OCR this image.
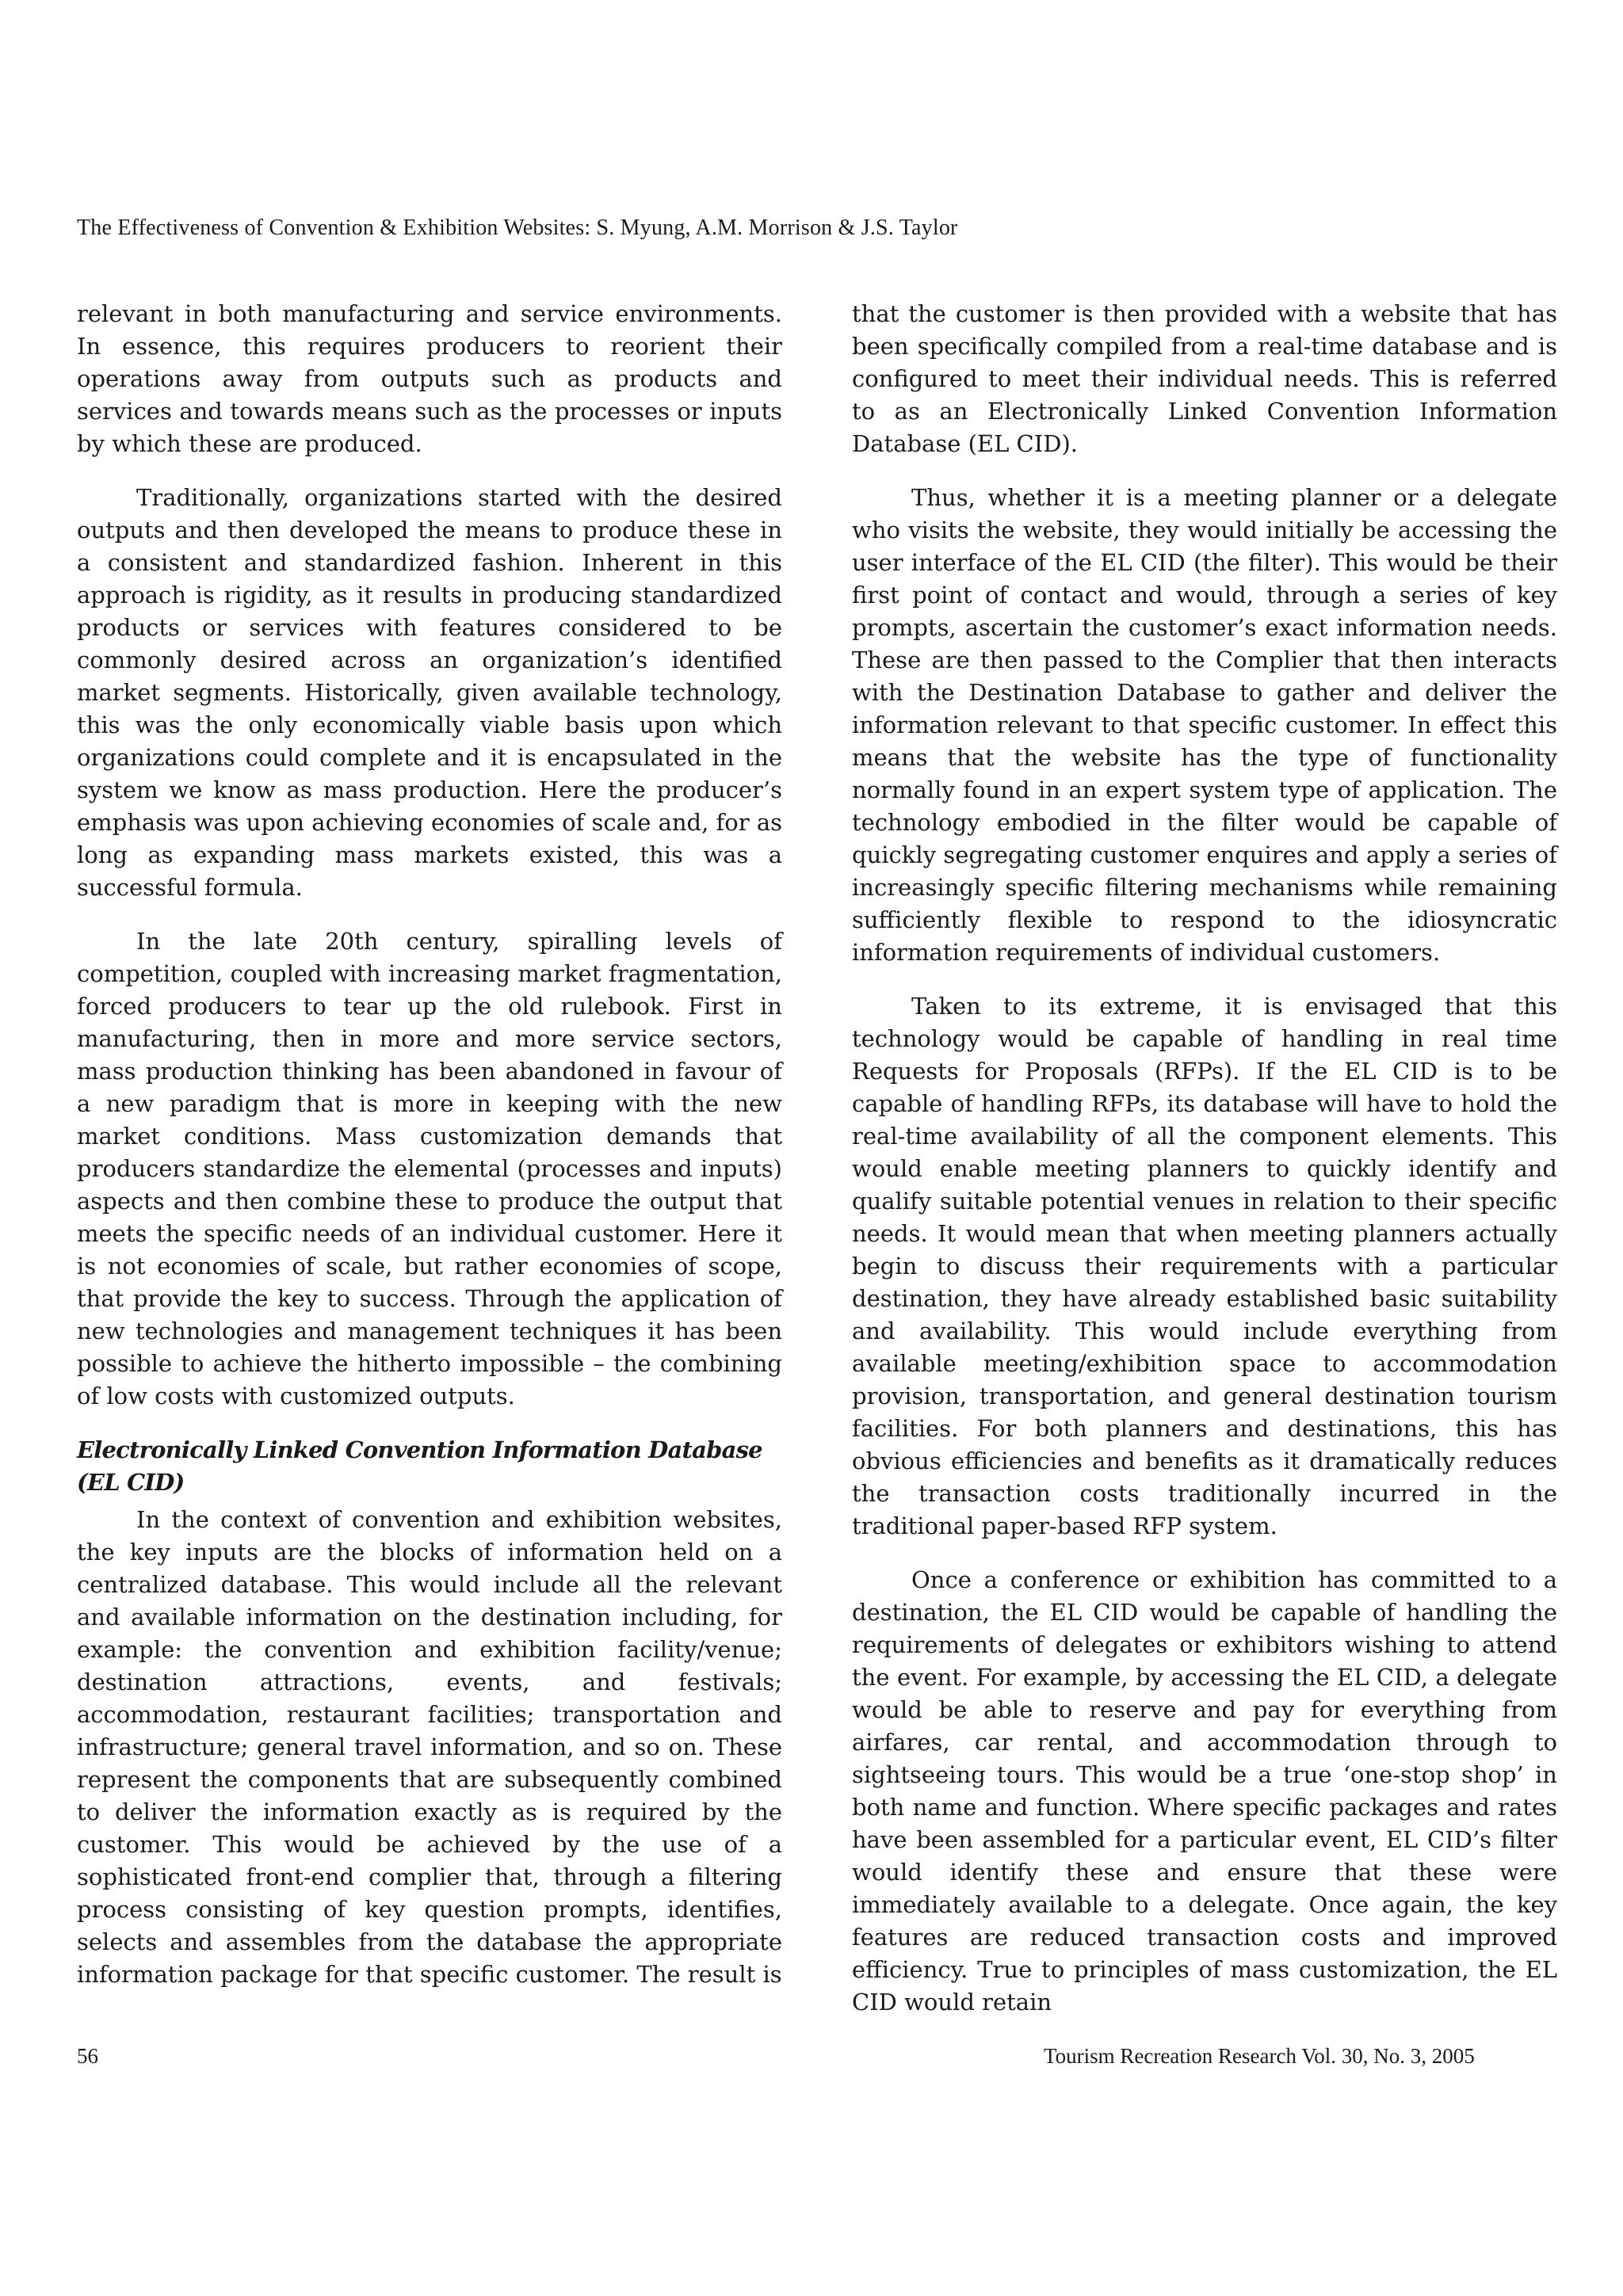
The Effectiveness of Convention & Exhibition Websites: S. Myung, A.M. Morrison & J.S. Taylor

relevant in both manufacturing and service environments. In essence, this requires producers to reorient their operations away from outputs such as products and services and towards means such as the processes or inputs by which these are produced.

Traditionally, organizations started with the desired outputs and then developed the means to produce these in a consistent and standardized fashion. Inherent in this approach is rigidity, as it results in producing standardized products or services with features considered to be commonly desired across an organization’s identified market segments. Historically, given available technology, this was the only economically viable basis upon which organizations could complete and it is encapsulated in the system we know as mass production. Here the producer’s emphasis was upon achieving economies of scale and, for as long as expanding mass markets existed, this was a successful formula.

In the late 20th century, spiralling levels of competition, coupled with increasing market fragmentation, forced producers to tear up the old rulebook. First in manufacturing, then in more and more service sectors, mass production thinking has been abandoned in favour of a new paradigm that is more in keeping with the new market conditions. Mass customization demands that producers standardize the elemental (processes and inputs) aspects and then combine these to produce the output that meets the specific needs of an individual customer. Here it is not economies of scale, but rather economies of scope, that provide the key to success. Through the application of new technologies and management techniques it has been possible to achieve the hitherto impossible – the combining of low costs with customized outputs.

Electronically Linked Convention Information Database (EL CID)

In the context of convention and exhibition websites, the key inputs are the blocks of information held on a centralized database. This would include all the relevant and available information on the destination including, for example: the convention and exhibition facility/venue; destination attractions, events, and festivals; accommodation, restaurant facilities; transportation and infrastructure; general travel information, and so on. These represent the components that are subsequently combined to deliver the information exactly as is required by the customer. This would be achieved by the use of a sophisticated front-end complier that, through a filtering process consisting of key question prompts, identifies, selects and assembles from the database the appropriate information package for that specific customer. The result is

that the customer is then provided with a website that has been specifically compiled from a real-time database and is configured to meet their individual needs. This is referred to as an Electronically Linked Convention Information Database (EL CID).

Thus, whether it is a meeting planner or a delegate who visits the website, they would initially be accessing the user interface of the EL CID (the filter). This would be their first point of contact and would, through a series of key prompts, ascertain the customer’s exact information needs. These are then passed to the Complier that then interacts with the Destination Database to gather and deliver the information relevant to that specific customer. In effect this means that the website has the type of functionality normally found in an expert system type of application. The technology embodied in the filter would be capable of quickly segregating customer enquires and apply a series of increasingly specific filtering mechanisms while remaining sufficiently flexible to respond to the idiosyncratic information requirements of individual customers.

Taken to its extreme, it is envisaged that this technology would be capable of handling in real time Requests for Proposals (RFPs). If the EL CID is to be capable of handling RFPs, its database will have to hold the real-time availability of all the component elements. This would enable meeting planners to quickly identify and qualify suitable potential venues in relation to their specific needs. It would mean that when meeting planners actually begin to discuss their requirements with a particular destination, they have already established basic suitability and availability. This would include everything from available meeting/exhibition space to accommodation provision, transportation, and general destination tourism facilities. For both planners and destinations, this has obvious efficiencies and benefits as it dramatically reduces the transaction costs traditionally incurred in the traditional paper-based RFP system.

Once a conference or exhibition has committed to a destination, the EL CID would be capable of handling the requirements of delegates or exhibitors wishing to attend the event. For example, by accessing the EL CID, a delegate would be able to reserve and pay for everything from airfares, car rental, and accommodation through to sightseeing tours. This would be a true ‘one-stop shop’ in both name and function. Where specific packages and rates have been assembled for a particular event, EL CID’s filter would identify these and ensure that these were immediately available to a delegate. Once again, the key features are reduced transaction costs and improved efficiency. True to principles of mass customization, the EL CID would retain

56	Tourism Recreation Research Vol. 30, No. 3, 2005
